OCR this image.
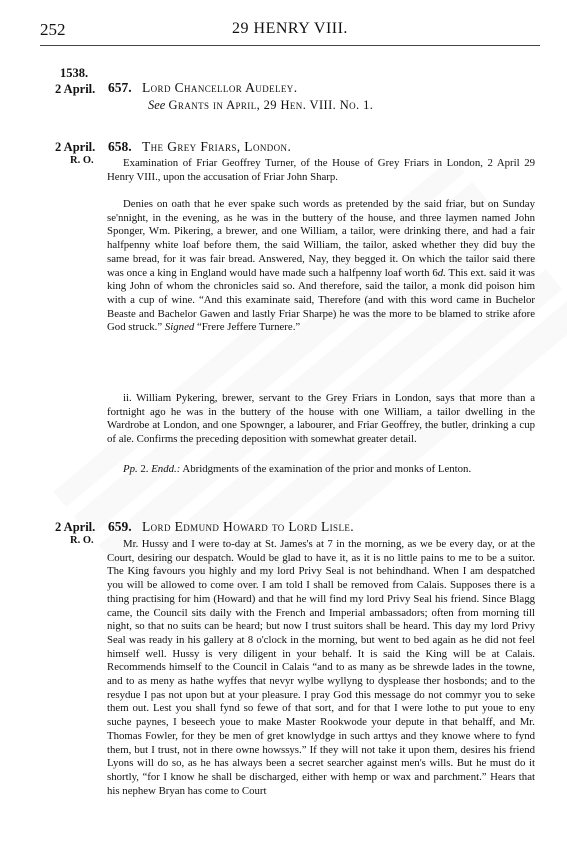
252	29 HENRY VIII.
1538.
2 April. 657. Lord Chancellor Audeley.
See Grants in April, 29 Hen. VIII. No. 1.
2 April.
R. O.
658. The Grey Friars, London.

Examination of Friar Geoffrey Turner, of the House of Grey Friars in London, 2 April 29 Henry VIII., upon the accusation of Friar John Sharp.

Denies on oath that he ever spake such words as pretended by the said friar, but on Sunday se'nnight, in the evening, as he was in the buttery of the house, and three laymen named John Sponger, Wm. Pikering, a brewer, and one William, a tailor, were drinking there, and had a fair halfpenny white loaf before them, the said William, the tailor, asked whether they did buy the same bread, for it was fair bread. Answered, Nay, they begged it. On which the tailor said there was once a king in England would have made such a halfpenny loaf worth 6d. This ext. said it was king John of whom the chronicles said so. And therefore, said the tailor, a monk did poison him with a cup of wine. “And this examinate said, Therefore (and with this word came in Buchelor Beaste and Bachelor Gawen and lastly Friar Sharpe) he was the more to be blamed to strike afore God struck.” Signed “Frere Jeffere Turnere.”

ii. William Pykering, brewer, servant to the Grey Friars in London, says that more than a fortnight ago he was in the buttery of the house with one William, a tailor dwelling in the Wardrobe at London, and one Spownger, a labourer, and Friar Geoffrey, the butler, drinking a cup of ale. Confirms the preceding deposition with somewhat greater detail.

Pp. 2. Endd.: Abridgments of the examination of the prior and monks of Lenton.

2 April.
R. O.
659. Lord Edmund Howard to Lord Lisle.

Mr. Hussy and I were to-day at St. James's at 7 in the morning, as we be every day, or at the Court, desiring our despatch. Would be glad to have it, as it is no little pains to me to be a suitor. The King favours you highly and my lord Privy Seal is not behindhand. When I am despatched you will be allowed to come over. I am told I shall be removed from Calais. Supposes there is a thing practising for him (Howard) and that he will find my lord Privy Seal his friend. Since Blagg came, the Council sits daily with the French and Imperial ambassadors; often from morning till night, so that no suits can be heard; but now I trust suitors shall be heard. This day my lord Privy Seal was ready in his gallery at 8 o'clock in the morning, but went to bed again as he did not feel himself well. Hussy is very diligent in your behalf. It is said the King will be at Calais. Recommends himself to the Council in Calais “and to as many as be shrewde lades in the towne, and to as meny as hathe wyffes that nevyr wylbe wyllyng to dysplease ther hosbonds; and to the resydue I pas not upon but at your pleasure. I pray God this message do not commyr you to seke them out. Lest you shall fynd so fewe of that sort, and for that I were lothe to put youe to eny suche paynes, I beseech youe to make Master Rookwode your depute in that behalff, and Mr. Thomas Fowler, for they be men of gret knowlydge in such arttys and they knowe where to fynd them, but I trust, not in there owne howssys.” If they will not take it upon them, desires his friend Lyons will do so, as he has always been a secret searcher against men's wills. But he must do it shortly, “for I know he shall be discharged, either with hemp or wax and parchment.” Hears that his nephew Bryan has come to Court
